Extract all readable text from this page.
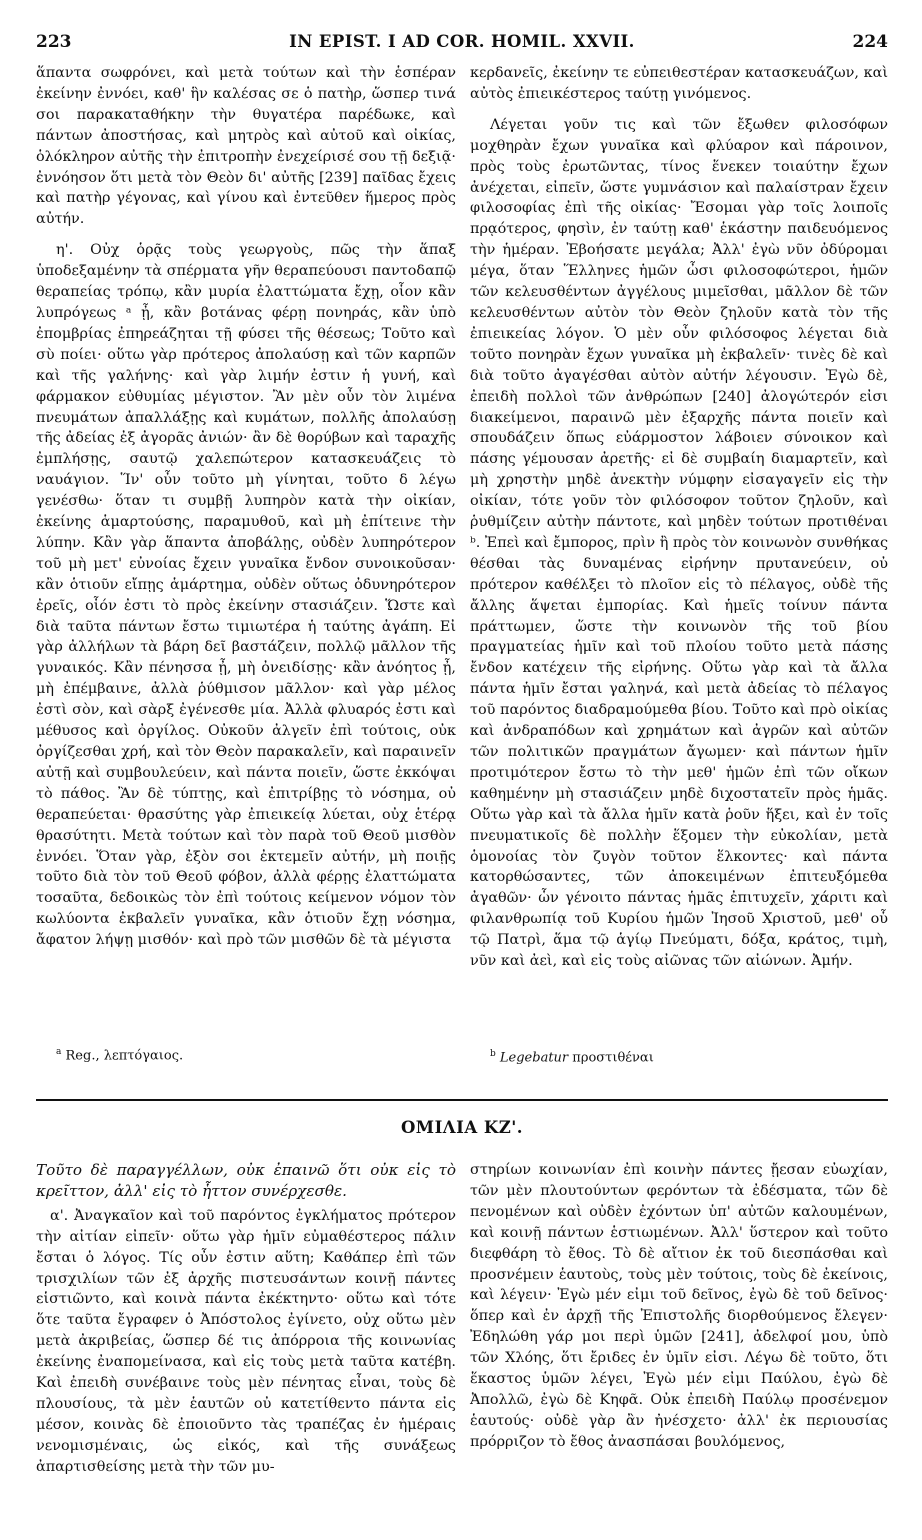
223	IN EPIST. I AD COR. HOMIL. XXVII.	224

ἅπαντα σωφρόνει, καὶ μετὰ τούτων καὶ τὴν ἑσπέραν ἐκείνην ἐννόει, καθ' ἣν καλέσας σε ὁ πατὴρ, ὥσπερ τινά σοι παρακαταθήκην τὴν θυγατέρα παρέδωκε, καὶ πάντων ἀποστήσας, καὶ μητρὸς καὶ αὐτοῦ καὶ οἰκίας, ὁλόκληρον αὐτῆς τὴν ἐπιτροπὴν ἐνεχείρισέ σου τῇ δεξιᾷ· ἐννόησον ὅτι μετὰ τὸν Θεὸν δι' αὐτῆς [239] παῖδας ἔχεις καὶ πατὴρ γέγονας, καὶ γίνου καὶ ἐντεῦθεν ἥμερος πρὸς αὐτήν.

η'. Οὐχ ὁρᾷς τοὺς γεωργοὺς, πῶς τὴν ἅπαξ ὑποδεξαμένην τὰ σπέρματα γῆν θεραπεύουσι παντοδαπῷ θεραπείας τρόπῳ, κἂν μυρία ἐλαττώματα ἔχῃ, οἷον κἂν λυπρόγεως ᵃ ᾖ, κἂν βοτάνας φέρῃ πονηράς, κἂν ὑπὸ ἐπομβρίας ἐπηρεάζηται τῇ φύσει τῆς θέσεως; Τοῦτο καὶ σὺ ποίει· οὕτω γὰρ πρότερος ἀπολαύσῃ καὶ τῶν καρπῶν καὶ τῆς γαλήνης· καὶ γὰρ λιμήν ἐστιν ἡ γυνή, καὶ φάρμακον εὐθυμίας μέγιστον. Ἂν μὲν οὖν τὸν λιμένα πνευμάτων ἀπαλλάξῃς καὶ κυμάτων, πολλῆς ἀπολαύσῃ τῆς ἀδείας ἐξ ἀγορᾶς ἀνιών· ἂν δὲ θορύβων καὶ ταραχῆς ἐμπλήσῃς, σαυτῷ χαλεπώτερον κατασκευάζεις τὸ ναυάγιον. Ἵν' οὖν τοῦτο μὴ γίνηται, τοῦτο δ λέγω γενέσθω· ὅταν τι συμβῇ λυπηρὸν κατὰ τὴν οἰκίαν, ἐκείνης ἁμαρτούσης, παραμυθοῦ, καὶ μὴ ἐπίτεινε τὴν λύπην. Κἂν γὰρ ἅπαντα ἀποβάλῃς, οὐδὲν λυπηρότερον τοῦ μὴ μετ' εὐνοίας ἔχειν γυναῖκα ἔνδον συνοικοῦσαν· κἂν ὁτιοῦν εἴπῃς ἁμάρτημα, οὐδὲν οὕτως ὀδυνηρότερον ἐρεῖς, οἷόν ἐστι τὸ πρὸς ἐκείνην στασιάζειν. Ὥστε καὶ διὰ ταῦτα πάντων ἔστω τιμιωτέρα ἡ ταύτης ἀγάπη. Εἰ γὰρ ἀλλήλων τὰ βάρη δεῖ βαστάζειν, πολλῷ μᾶλλον τῆς γυναικός. Κἂν πένησσα ᾖ, μὴ ὀνειδίσῃς· κἂν ἀνόητος ᾖ, μὴ ἐπέμβαινε, ἀλλὰ ῥύθμισον μᾶλλον· καὶ γὰρ μέλος ἐστὶ σὸν, καὶ σὰρξ ἐγένεσθε μία. Ἀλλὰ φλυαρός ἐστι καὶ μέθυσος καὶ ὀργίλος. Οὐκοῦν ἀλγεῖν ἐπὶ τούτοις, οὐκ ὀργίζεσθαι χρή, καὶ τὸν Θεὸν παρακαλεῖν, καὶ παραινεῖν αὐτῇ καὶ συμβουλεύειν, καὶ πάντα ποιεῖν, ὥστε ἐκκόψαι τὸ πάθος. Ἂν δὲ τύπτῃς, καὶ ἐπιτρίβῃς τὸ νόσημα, οὐ θεραπεύεται· θρασύτης γὰρ ἐπιεικείᾳ λύεται, οὐχ ἑτέρᾳ θρασύτητι. Μετὰ τούτων καὶ τὸν παρὰ τοῦ Θεοῦ μισθὸν ἐννόει. Ὅταν γὰρ, ἐξὸν σοι ἐκτεμεῖν αὐτήν, μὴ ποιῇς τοῦτο διὰ τὸν τοῦ Θεοῦ φόβον, ἀλλὰ φέρῃς ἐλαττώματα τοσαῦτα, δεδοικὼς τὸν ἐπὶ τούτοις κείμενον νόμον τὸν κωλύοντα ἐκβαλεῖν γυναῖκα, κἂν ὁτιοῦν ἔχῃ νόσημα, ἄφατον λήψῃ μισθόν· καὶ πρὸ τῶν μισθῶν δὲ τὰ μέγιστα

κερδανεῖς, ἐκείνην τε εὐπειθεστέραν κατασκευάζων, καὶ αὐτὸς ἐπιεικέστερος ταύτῃ γινόμενος.

Λέγεται γοῦν τις καὶ τῶν ἔξωθεν φιλοσόφων μοχθηρὰν ἔχων γυναῖκα καὶ φλύαρον καὶ πάροινον, πρὸς τοὺς ἐρωτῶντας, τίνος ἕνεκεν τοιαύτην ἔχων ἀνέχεται, εἰπεῖν, ὥστε γυμνάσιον καὶ παλαίστραν ἔχειν φιλοσοφίας ἐπὶ τῆς οἰκίας· Ἔσομαι γὰρ τοῖς λοιποῖς πρᾳότερος, φησὶν, ἐν ταύτῃ καθ' ἑκάστην παιδευόμενος τὴν ἡμέραν. Ἐβοήσατε μεγάλα; Ἀλλ' ἐγὼ νῦν ὀδύρομαι μέγα, ὅταν Ἕλληνες ἡμῶν ὦσι φιλοσοφώτεροι, ἡμῶν τῶν κελευσθέντων ἀγγέλους μιμεῖσθαι, μᾶλλον δὲ τῶν κελευσθέντων αὐτὸν τὸν Θεὸν ζηλοῦν κατὰ τὸν τῆς ἐπιεικείας λόγον. Ὁ μὲν οὖν φιλόσοφος λέγεται διὰ τοῦτο πονηρὰν ἔχων γυναῖκα μὴ ἐκβαλεῖν· τινὲς δὲ καὶ διὰ τοῦτο ἀγαγέσθαι αὐτὸν αὐτήν λέγουσιν. Ἐγὼ δὲ, ἐπειδὴ πολλοὶ τῶν ἀνθρώπων [240] ἀλογώτερόν εἰσι διακείμενοι, παραινῶ μὲν ἐξαρχῆς πάντα ποιεῖν καὶ σπουδάζειν ὅπως εὐάρμοστον λάβοιεν σύνοικον καὶ πάσης γέμουσαν ἀρετῆς· εἰ δὲ συμβαίη διαμαρτεῖν, καὶ μὴ χρηστὴν μηδὲ ἀνεκτὴν νύμφην εἰσαγαγεῖν εἰς τὴν οἰκίαν, τότε γοῦν τὸν φιλόσοφον τοῦτον ζηλοῦν, καὶ ῥυθμίζειν αὐτὴν πάντοτε, καὶ μηδὲν τούτων προτιθέναι ᵇ. Ἐπεὶ καὶ ἔμπορος, πρὶν ἢ πρὸς τὸν κοινωνὸν συνθήκας θέσθαι τὰς δυναμένας εἰρήνην πρυτανεύειν, οὐ πρότερον καθέλξει τὸ πλοῖον εἰς τὸ πέλαγος, οὐδὲ τῆς ἄλλης ἅψεται ἐμπορίας. Καὶ ἡμεῖς τοίνυν πάντα πράττωμεν, ὥστε τὴν κοινωνὸν τῆς τοῦ βίου πραγματείας ἡμῖν καὶ τοῦ πλοίου τοῦτο μετὰ πάσης ἔνδον κατέχειν τῆς εἰρήνης. Οὕτω γὰρ καὶ τὰ ἄλλα πάντα ἡμῖν ἔσται γαληνά, καὶ μετὰ ἀδείας τὸ πέλαγος τοῦ παρόντος διαδραμούμεθα βίου. Τοῦτο καὶ πρὸ οἰκίας καὶ ἀνδραπόδων καὶ χρημάτων καὶ ἀγρῶν καὶ αὐτῶν τῶν πολιτικῶν πραγμάτων ἄγωμεν· καὶ πάντων ἡμῖν προτιμότερον ἔστω τὸ τὴν μεθ' ἡμῶν ἐπὶ τῶν οἴκων καθημένην μὴ στασιάζειν μηδὲ διχοστατεῖν πρὸς ἡμᾶς. Οὕτω γὰρ καὶ τὰ ἄλλα ἡμῖν κατὰ ῥοῦν ἥξει, καὶ ἐν τοῖς πνευματικοῖς δὲ πολλὴν ἕξομεν τὴν εὐκολίαν, μετὰ ὁμονοίας τὸν ζυγὸν τοῦτον ἕλκοντες· καὶ πάντα κατορθώσαντες, τῶν ἀποκειμένων ἐπιτευξόμεθα ἀγαθῶν· ὧν γένοιτο πάντας ἡμᾶς ἐπιτυχεῖν, χάριτι καὶ φιλανθρωπίᾳ τοῦ Κυρίου ἡμῶν Ἰησοῦ Χριστοῦ, μεθ' οὗ τῷ Πατρὶ, ἅμα τῷ ἁγίῳ Πνεύματι, δόξα, κράτος, τιμὴ, νῦν καὶ ἀεὶ, καὶ εἰς τοὺς αἰῶνας τῶν αἰώνων. Ἀμήν.

$^a$ Reg., λεπτόγαιος.	$^b$ Legebatur προστιθέναι
ΟΜΙΛΙΑ ΚΖ'.

Τοῦτο δὲ παραγγέλλων, οὐκ ἐπαινῶ ὅτι οὐκ εἰς τὸ κρεῖττον, ἀλλ' εἰς τὸ ἧττον συνέρχεσθε.

α'. Ἀναγκαῖον καὶ τοῦ παρόντος ἐγκλήματος πρότερον τὴν αἰτίαν εἰπεῖν· οὕτω γὰρ ἡμῖν εὐμαθέστερος πάλιν ἔσται ὁ λόγος. Τίς οὖν ἐστιν αὕτη; Καθάπερ ἐπὶ τῶν τρισχιλίων τῶν ἐξ ἀρχῆς πιστευσάντων κοινῇ πάντες εἱστιῶντο, καὶ κοινὰ πάντα ἐκέκτηντο· οὕτω καὶ τότε ὅτε ταῦτα ἔγραφεν ὁ Ἀπόστολος ἐγίνετο, οὐχ οὕτω μὲν μετὰ ἀκριβείας, ὥσπερ δέ τις ἀπόρροια τῆς κοινωνίας ἐκείνης ἐναπομείνασα, καὶ εἰς τοὺς μετὰ ταῦτα κατέβη. Καὶ ἐπειδὴ συνέβαινε τοὺς μὲν πένητας εἶναι, τοὺς δὲ πλουσίους, τὰ μὲν ἑαυτῶν οὐ κατετίθεντο πάντα εἰς μέσον, κοινὰς δὲ ἐποιοῦντο τὰς τραπέζας ἐν ἡμέραις νενομισμέναις, ὡς εἰκός, καὶ τῆς συνάξεως ἀπαρτισθείσης μετὰ τὴν τῶν μυ-

στηρίων κοινωνίαν ἐπὶ κοινὴν πάντες ᾔεσαν εὐωχίαν, τῶν μὲν πλουτούντων φερόντων τὰ ἐδέσματα, τῶν δὲ πενομένων καὶ οὐδὲν ἐχόντων ὑπ' αὐτῶν καλουμένων, καὶ κοινῇ πάντων ἑστιωμένων. Ἀλλ' ὕστερον καὶ τοῦτο διεφθάρη τὸ ἔθος. Τὸ δὲ αἴτιον ἐκ τοῦ διεσπάσθαι καὶ προσνέμειν ἑαυτοὺς, τοὺς μὲν τούτοις, τοὺς δὲ ἐκείνοις, καὶ λέγειν· Ἐγὼ μέν εἰμι τοῦ δεῖνος, ἐγὼ δὲ τοῦ δεῖνος· ὅπερ καὶ ἐν ἀρχῇ τῆς Ἐπιστολῆς διορθούμενος ἔλεγεν· Ἐδηλώθη γάρ μοι περὶ ὑμῶν [241], ἀδελφοί μου, ὑπὸ τῶν Χλόης, ὅτι ἔριδες ἐν ὑμῖν εἰσι. Λέγω δὲ τοῦτο, ὅτι ἕκαστος ὑμῶν λέγει, Ἐγὼ μέν εἰμι Παύλου, ἐγὼ δὲ Ἀπολλῶ, ἐγὼ δὲ Κηφᾶ. Οὐκ ἐπειδὴ Παύλῳ προσένεμον ἑαυτούς· οὐδὲ γὰρ ἂν ἠνέσχετο· ἀλλ' ἐκ περιουσίας πρόρριζον τὸ ἔθος ἀνασπάσαι βουλόμενος,
